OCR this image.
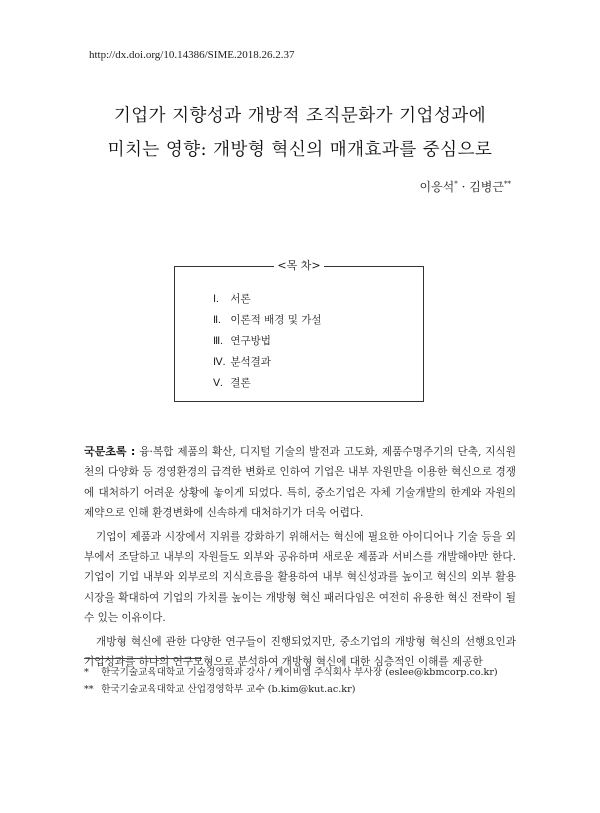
http://dx.doi.org/10.14386/SIME.2018.26.2.37
기업가 지향성과 개방적 조직문화가 기업성과에
미치는 영향: 개방형 혁신의 매개효과를 중심으로
이응석* · 김병근**
<목 차>
Ⅰ. 서론
Ⅱ. 이론적 배경 및 가설
Ⅲ. 연구방법
Ⅳ. 분석결과
Ⅴ. 결론

국문초록 : 융·복합 제품의 확산, 디지털 기술의 발전과 고도화, 제품수명주기의 단축, 지식원천의 다양화 등 경영환경의 급격한 변화로 인하여 기업은 내부 자원만을 이용한 혁신으로 경쟁에 대처하기 어려운 상황에 놓이게 되었다. 특히, 중소기업은 자체 기술개발의 한계와 자원의 제약으로 인해 환경변화에 신속하게 대처하기가 더욱 어렵다.

기업이 제품과 시장에서 지위를 강화하기 위해서는 혁신에 필요한 아이디어나 기술 등을 외부에서 조달하고 내부의 자원들도 외부와 공유하며 새로운 제품과 서비스를 개발해야만 한다. 기업이 기업 내부와 외부로의 지식흐름을 활용하여 내부 혁신성과를 높이고 혁신의 외부 활용시장을 확대하여 기업의 가치를 높이는 개방형 혁신 패러다임은 여전히 유용한 혁신 전략이 될 수 있는 이유이다.

개방형 혁신에 관한 다양한 연구들이 진행되었지만, 중소기업의 개방형 혁신의 선행요인과 기업성과를 하나의 연구모형으로 분석하여 개방형 혁신에 대한 심층적인 이해를 제공한

* 한국기술교육대학교 기술경영학과 강사 / 케이비엠 주식회사 부사장 (eslee@kbmcorp.co.kr)
** 한국기술교육대학교 산업경영학부 교수 (b.kim@kut.ac.kr)
